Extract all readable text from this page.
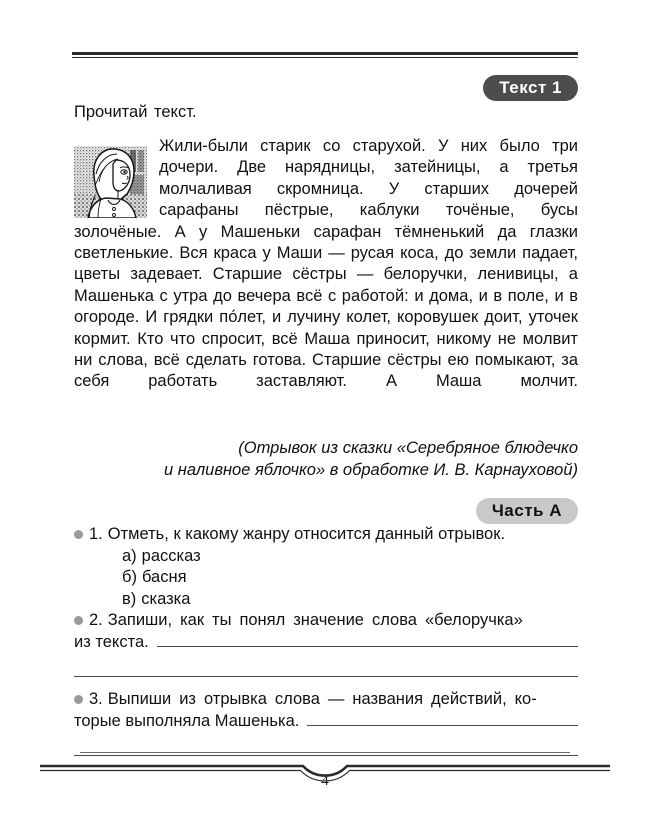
Текст 1
Прочитай текст.

Жили-были старик со старухой. У них было три дочери. Две нарядницы, затейницы, а третья молчаливая скромница. У старших дочерей сарафаны пёстрые, каблуки точёные, бусы золочёные. А у Машеньки сарафан тёмненький да глазки светленькие. Вся краса у Маши — русая коса, до земли падает, цветы задевает. Старшие сёстры — белоручки, ленивицы, а Машенька с утра до вечера всё с работой: и дома, и в поле, и в огороде. И грядки по́лет, и лучину колет, коровушек доит, уточек кормит. Кто что спросит, всё Маша приносит, никому не молвит ни слова, всё сделать готова. Старшие сёстры ею помыкают, за себя работать заставляют. А Маша молчит.

(Отрывок из сказки «Серебряное блюдечко
и наливное яблочко» в обработке И. В. Карнауховой)
Часть А
1. Отметь, к какому жанру относится данный отрывок.
а) рассказ
б) басня
в) сказка
2. Запиши, как ты понял значение слова «белоручка»
из текста.
3. Выпиши из отрывка слова — названия действий, ко-
торые выполняла Машенька.
4
